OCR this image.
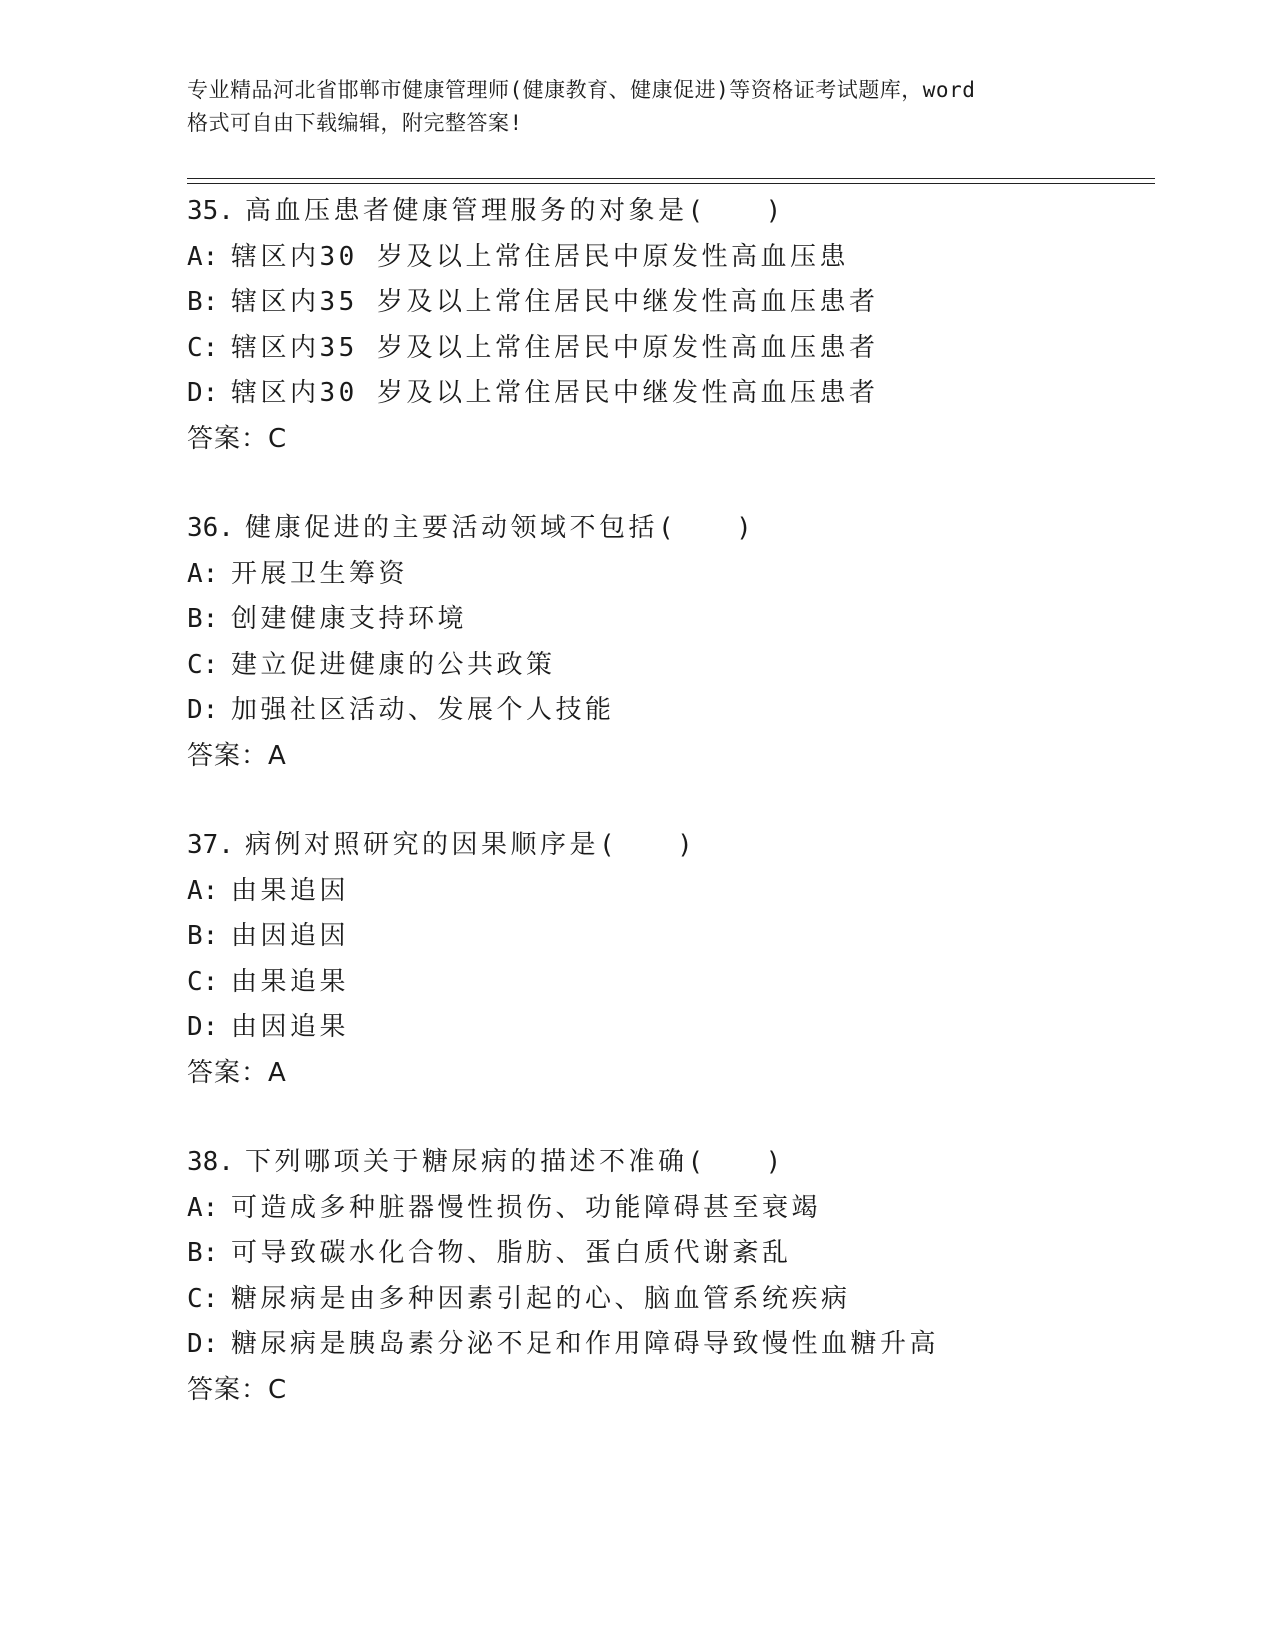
专业精品河北省邯郸市健康管理师(健康教育、健康促进)等资格证考试题库，word
格式可自由下载编辑，附完整答案!
35. 高血压患者健康管理服务的对象是(　　)
A: 辖区内30 岁及以上常住居民中原发性高血压患
B: 辖区内35 岁及以上常住居民中继发性高血压患者
C: 辖区内35 岁及以上常住居民中原发性高血压患者
D: 辖区内30 岁及以上常住居民中继发性高血压患者
答案：C
36. 健康促进的主要活动领域不包括(　　)
A: 开展卫生筹资
B: 创建健康支持环境
C: 建立促进健康的公共政策
D: 加强社区活动、发展个人技能
答案：A
37. 病例对照研究的因果顺序是(　　)
A: 由果追因
B: 由因追因
C: 由果追果
D: 由因追果
答案：A
38. 下列哪项关于糖尿病的描述不准确(　　)
A: 可造成多种脏器慢性损伤、功能障碍甚至衰竭
B: 可导致碳水化合物、脂肪、蛋白质代谢紊乱
C: 糖尿病是由多种因素引起的心、脑血管系统疾病
D: 糖尿病是胰岛素分泌不足和作用障碍导致慢性血糖升高
答案：C
